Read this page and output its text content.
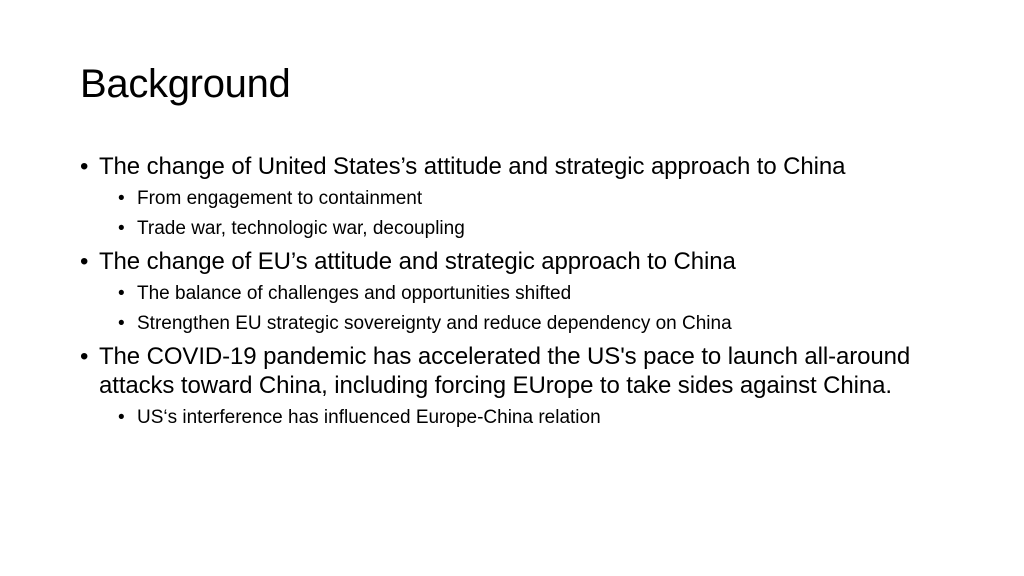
Background

• The change of United States’s attitude and strategic approach to China

• From engagement to containment

• Trade war, technologic war, decoupling

• The change of EU’s attitude and strategic approach to China

• The balance of challenges and opportunities shifted

• Strengthen EU strategic sovereignty and reduce dependency on China

• The COVID-19 pandemic has accelerated the US's pace to launch all-around attacks toward China, including forcing EUrope to take sides against China.

• US‘s interference has influenced Europe-China relation
